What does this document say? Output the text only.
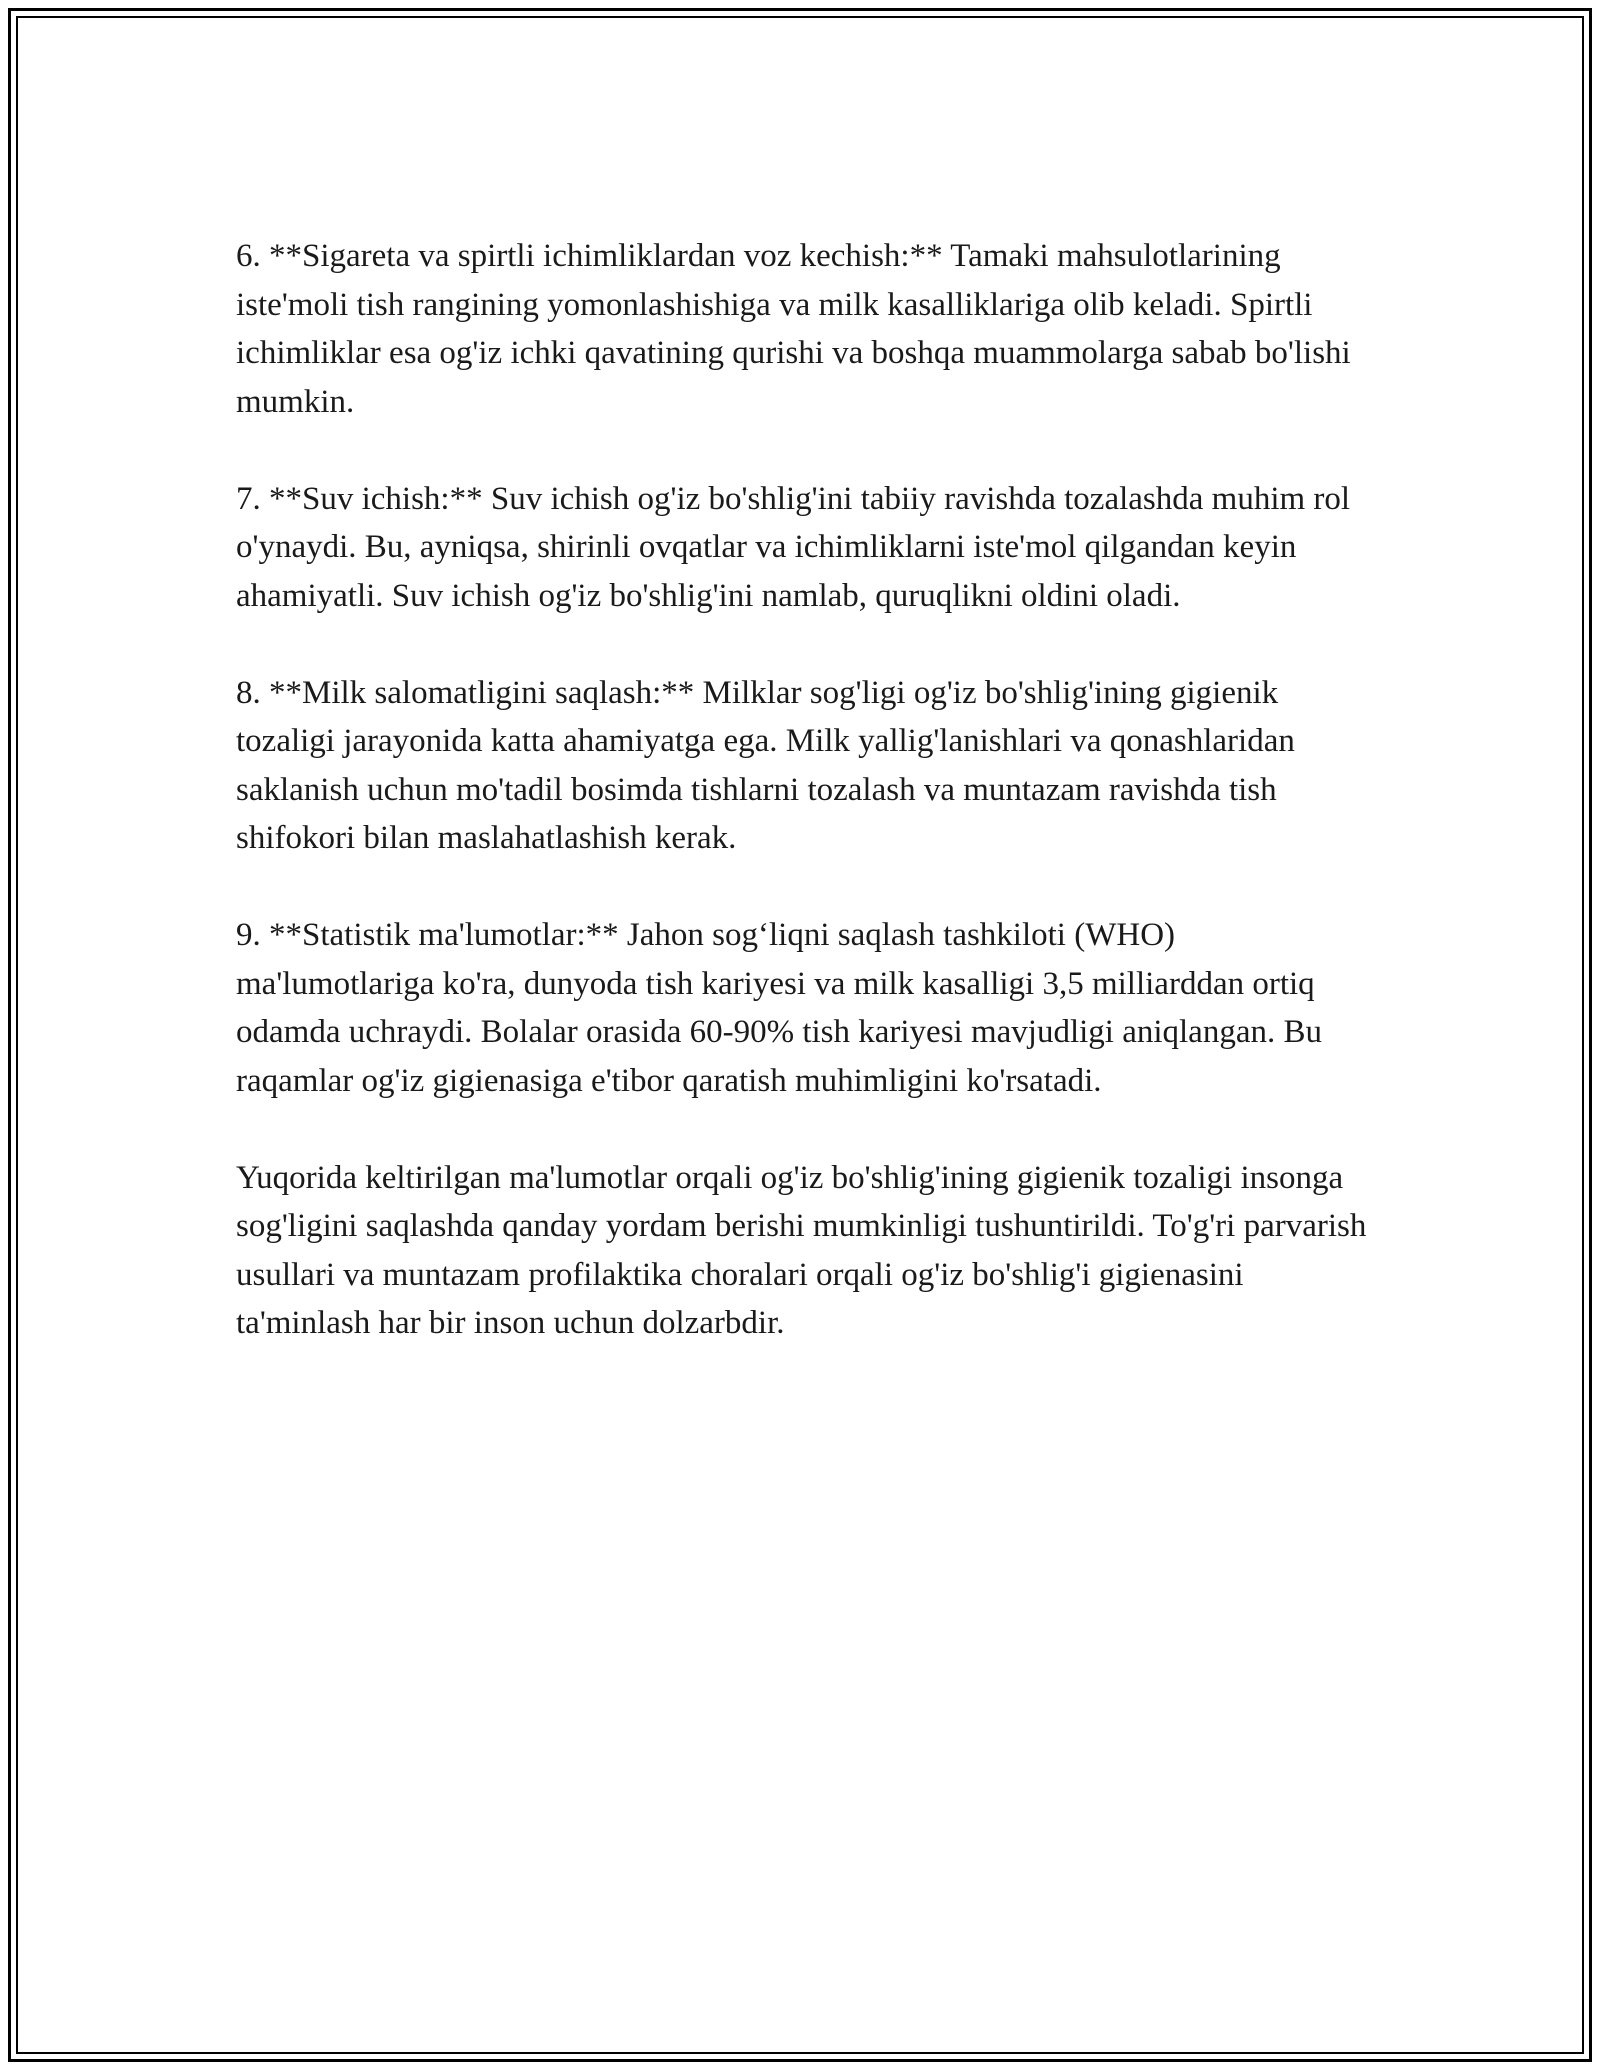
6. **Sigareta va spirtli ichimliklardan voz kechish:** Tamaki mahsulotlarining iste'moli tish rangining yomonlashishiga va milk kasalliklariga olib keladi. Spirtli ichimliklar esa og'iz ichki qavatining qurishi va boshqa muammolarga sabab bo'lishi mumkin.

7. **Suv ichish:** Suv ichish og'iz bo'shlig'ini tabiiy ravishda tozalashda muhim rol o'ynaydi. Bu, ayniqsa, shirinli ovqatlar va ichimliklarni iste'mol qilgandan keyin ahamiyatli. Suv ichish og'iz bo'shlig'ini namlab, quruqlikni oldini oladi.

8. **Milk salomatligini saqlash:** Milklar sog'ligi og'iz bo'shlig'ining gigienik tozaligi jarayonida katta ahamiyatga ega. Milk yallig'lanishlari va qonashlaridan saklanish uchun mo'tadil bosimda tishlarni tozalash va muntazam ravishda tish shifokori bilan maslahatlashish kerak.

9. **Statistik ma'lumotlar:** Jahon sog‘liqni saqlash tashkiloti (WHO) ma'lumotlariga ko'ra, dunyoda tish kariyesi va milk kasalligi 3,5 milliarddan ortiq odamda uchraydi. Bolalar orasida 60-90% tish kariyesi mavjudligi aniqlangan. Bu raqamlar og'iz gigienasiga e'tibor qaratish muhimligini ko'rsatadi.

Yuqorida keltirilgan ma'lumotlar orqali og'iz bo'shlig'ining gigienik tozaligi insonga sog'ligini saqlashda qanday yordam berishi mumkinligi tushuntirildi. To'g'ri parvarish usullari va muntazam profilaktika choralari orqali og'iz bo'shlig'i gigienasini ta'minlash har bir inson uchun dolzarbdir.
